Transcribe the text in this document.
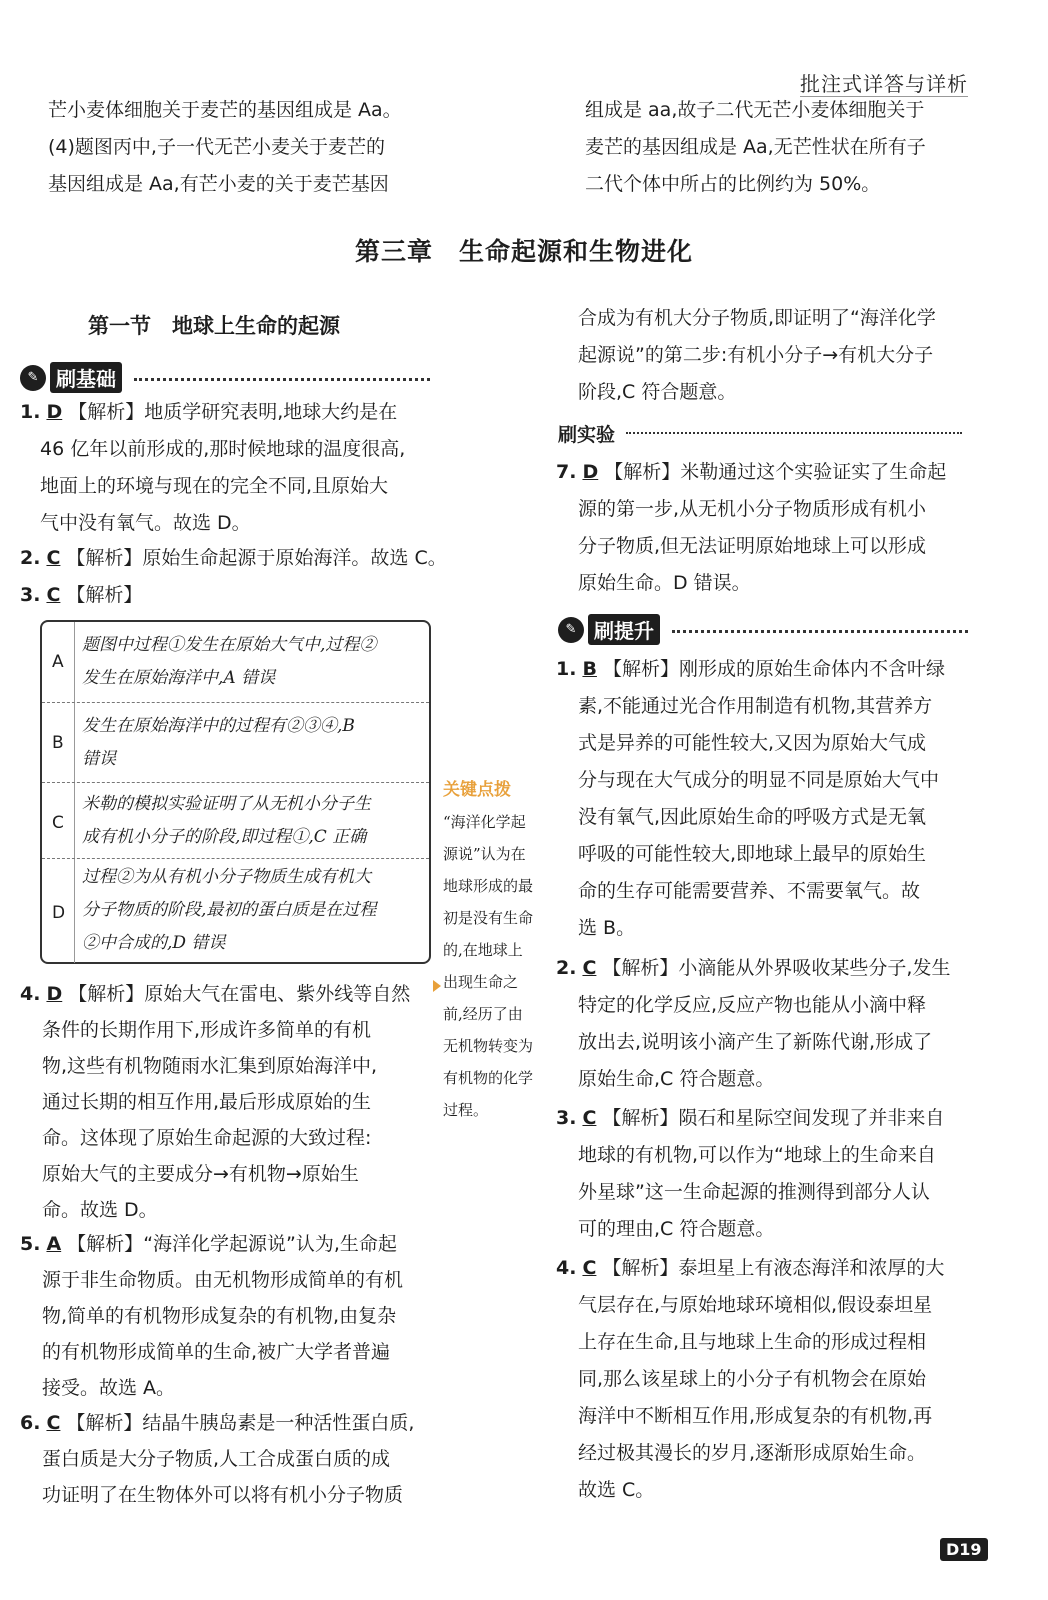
批注式详答与详析
芒小麦体细胞关于麦芒的基因组成是 Aa。
(4)题图丙中,子一代无芒小麦关于麦芒的
基因组成是 Aa,有芒小麦的关于麦芒基因
组成是 aa,故子二代无芒小麦体细胞关于
麦芒的基因组成是 Aa,无芒性状在所有子
二代个体中所占的比例约为 50%。
第三章　生命起源和生物进化
第一节　地球上生命的起源
✎ 刷基础
1. D 【解析】地质学研究表明,地球大约是在
46 亿年以前形成的,那时候地球的温度很高,
地面上的环境与现在的完全不同,且原始大
气中没有氧气。故选 D。
2. C 【解析】原始生命起源于原始海洋。故选 C。
3. C 【解析】
A
题图中过程①发生在原始大气中,过程②
发生在原始海洋中,A 错误
B
发生在原始海洋中的过程有②③④,B
错误
C
米勒的模拟实验证明了从无机小分子生
成有机小分子的阶段,即过程①,C 正确
D
过程②为从有机小分子物质生成有机大
分子物质的阶段,最初的蛋白质是在过程
②中合成的,D 错误
关键点拨
“海洋化学起
源说”认为在
地球形成的最
初是没有生命
的,在地球上
出现生命之
前,经历了由
无机物转变为
有机物的化学
过程。
4. D 【解析】原始大气在雷电、紫外线等自然
条件的长期作用下,形成许多简单的有机
物,这些有机物随雨水汇集到原始海洋中,
通过长期的相互作用,最后形成原始的生
命。这体现了原始生命起源的大致过程:
原始大气的主要成分→有机物→原始生
命。故选 D。
5. A 【解析】“海洋化学起源说”认为,生命起
源于非生命物质。由无机物形成简单的有机
物,简单的有机物形成复杂的有机物,由复杂
的有机物形成简单的生命,被广大学者普遍
接受。故选 A。
6. C 【解析】结晶牛胰岛素是一种活性蛋白质,
蛋白质是大分子物质,人工合成蛋白质的成
功证明了在生物体外可以将有机小分子物质
合成为有机大分子物质,即证明了“海洋化学
起源说”的第二步:有机小分子→有机大分子
阶段,C 符合题意。
刷实验
7. D 【解析】米勒通过这个实验证实了生命起
源的第一步,从无机小分子物质形成有机小
分子物质,但无法证明原始地球上可以形成
原始生命。D 错误。
✎ 刷提升
1. B 【解析】刚形成的原始生命体内不含叶绿
素,不能通过光合作用制造有机物,其营养方
式是异养的可能性较大,又因为原始大气成
分与现在大气成分的明显不同是原始大气中
没有氧气,因此原始生命的呼吸方式是无氧
呼吸的可能性较大,即地球上最早的原始生
命的生存可能需要营养、不需要氧气。故
选 B。
2. C 【解析】小滴能从外界吸收某些分子,发生
特定的化学反应,反应产物也能从小滴中释
放出去,说明该小滴产生了新陈代谢,形成了
原始生命,C 符合题意。
3. C 【解析】陨石和星际空间发现了并非来自
地球的有机物,可以作为“地球上的生命来自
外星球”这一生命起源的推测得到部分人认
可的理由,C 符合题意。
4. C 【解析】泰坦星上有液态海洋和浓厚的大
气层存在,与原始地球环境相似,假设泰坦星
上存在生命,且与地球上生命的形成过程相
同,那么该星球上的小分子有机物会在原始
海洋中不断相互作用,形成复杂的有机物,再
经过极其漫长的岁月,逐渐形成原始生命。
故选 C。
D19
